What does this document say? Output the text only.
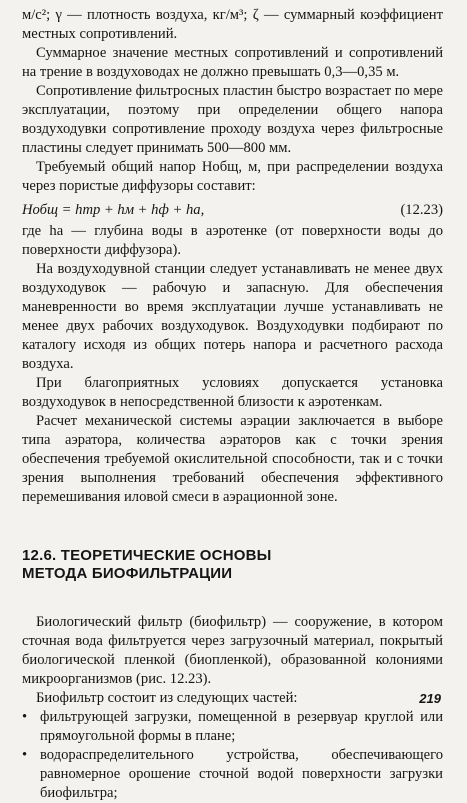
м/с²; γ — плотность воздуха, кг/м³; ζ — суммарный коэффициент местных сопротивлений.

Суммарное значение местных сопротивлений и сопротивлений на трение в воздуховодах не должно превышать 0,3—0,35 м.

Сопротивление фильтросных пластин быстро возрастает по мере эксплуатации, поэтому при определении общего напора воздуходувки сопротивление проходу воздуха через фильтросные пластины следует принимать 500—800 мм.

Требуемый общий напор Hобщ, м, при распределении воздуха через пористые диффузоры составит:

Hобщ = hтр + hм + hф + hа,	(12.23)

где hа — глубина воды в аэротенке (от поверхности воды до поверхности диффузора).

На воздуходувной станции следует устанавливать не менее двух воздуходувок — рабочую и запасную. Для обеспечения маневренности во время эксплуатации лучше устанавливать не менее двух рабочих воздуходувок. Воздуходувки подбирают по каталогу исходя из общих потерь напора и расчетного расхода воздуха.

При благоприятных условиях допускается установка воздуходувок в непосредственной близости к аэротенкам.

Расчет механической системы аэрации заключается в выборе типа аэратора, количества аэраторов как с точки зрения обеспечения требуемой окислительной способности, так и с точки зрения выполнения требований обеспечения эффективного перемешивания иловой смеси в аэрационной зоне.

12.6. ТЕОРЕТИЧЕСКИЕ ОСНОВЫ
МЕТОДА БИОФИЛЬТРАЦИИ

Биологический фильтр (биофильтр) — сооружение, в котором сточная вода фильтруется через загрузочный материал, покрытый биологической пленкой (биопленкой), образованной колониями микроорганизмов (рис. 12.23).

Биофильтр состоит из следующих частей:

• фильтрующей загрузки, помещенной в резервуар круглой или прямоугольной формы в плане;
• водораспределительного устройства, обеспечивающего равномерное орошение сточной водой поверхности загрузки биофильтра;
219
